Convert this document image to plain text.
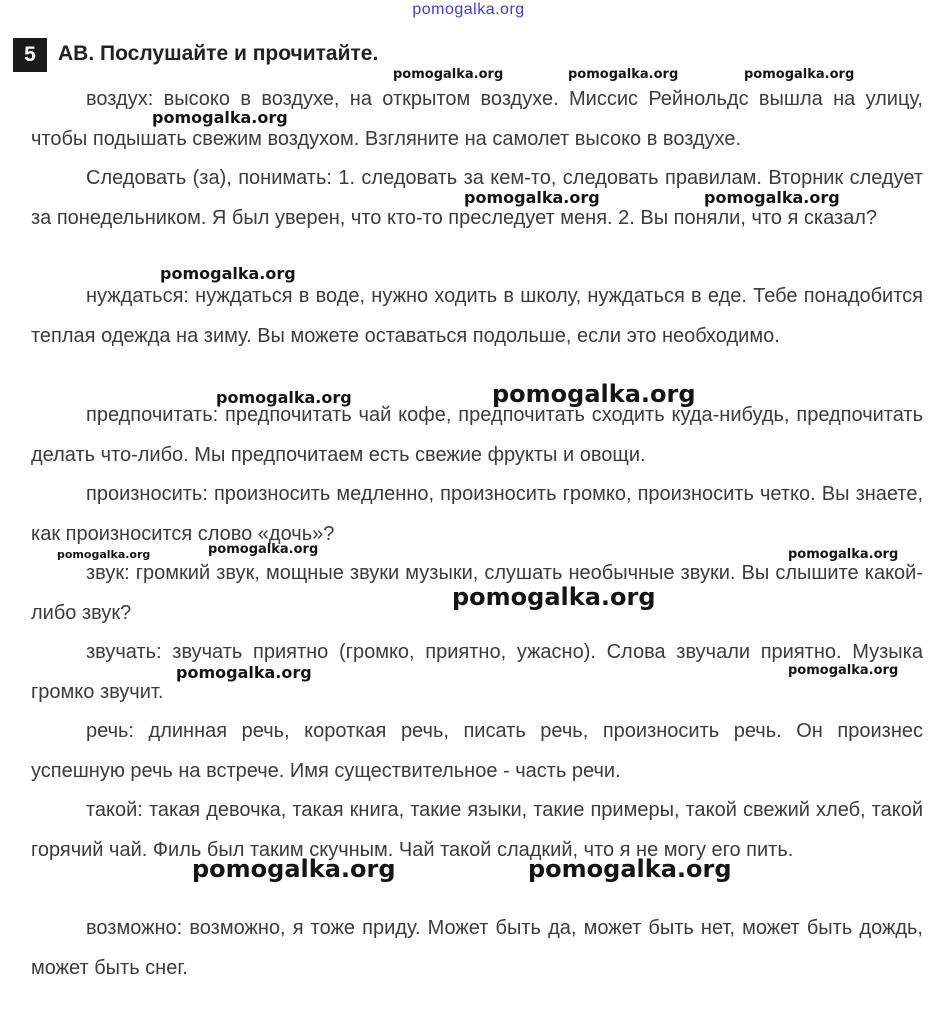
pomogalka.org
5	AB. Послушайте и прочитайте.

воздух: высоко в воздухе, на открытом воздухе. Миссис Рейнольдс вышла на улицу, чтобы подышать свежим воздухом. Взгляните на самолет высоко в воздухе.

Следовать (за), понимать: 1. следовать за кем-то, следовать правилам. Вторник следует за понедельником. Я был уверен, что кто-то преследует меня. 2. Вы поняли, что я сказал?

нуждаться: нуждаться в воде, нужно ходить в школу, нуждаться в еде. Тебе понадобится теплая одежда на зиму. Вы можете оставаться подольше, если это необходимо.

предпочитать: предпочитать чай кофе, предпочитать сходить куда-нибудь, предпочитать делать что-либо. Мы предпочитаем есть свежие фрукты и овощи.

произносить: произносить медленно, произносить громко, произносить четко. Вы знаете, как произносится слово «дочь»?

звук: громкий звук, мощные звуки музыки, слушать необычные звуки. Вы слышите какой-либо звук?

звучать: звучать приятно (громко, приятно, ужасно). Слова звучали приятно. Музыка громко звучит.

речь: длинная речь, короткая речь, писать речь, произносить речь. Он произнес успешную речь на встрече. Имя существительное - часть речи.

такой: такая девочка, такая книга, такие языки, такие примеры, такой свежий хлеб, такой горячий чай. Филь был таким скучным. Чай такой сладкий, что я не могу его пить.

возможно: возможно, я тоже приду. Может быть да, может быть нет, может быть дождь, может быть снег.

pomogalka.org	pomogalka.org	pomogalka.org
pomogalka.org
pomogalka.org	pomogalka.org
pomogalka.org
pomogalka.org	pomogalka.org
pomogalka.org	pomogalka.org	pomogalka.org
pomogalka.org
pomogalka.org	pomogalka.org
pomogalka.org	pomogalka.org
